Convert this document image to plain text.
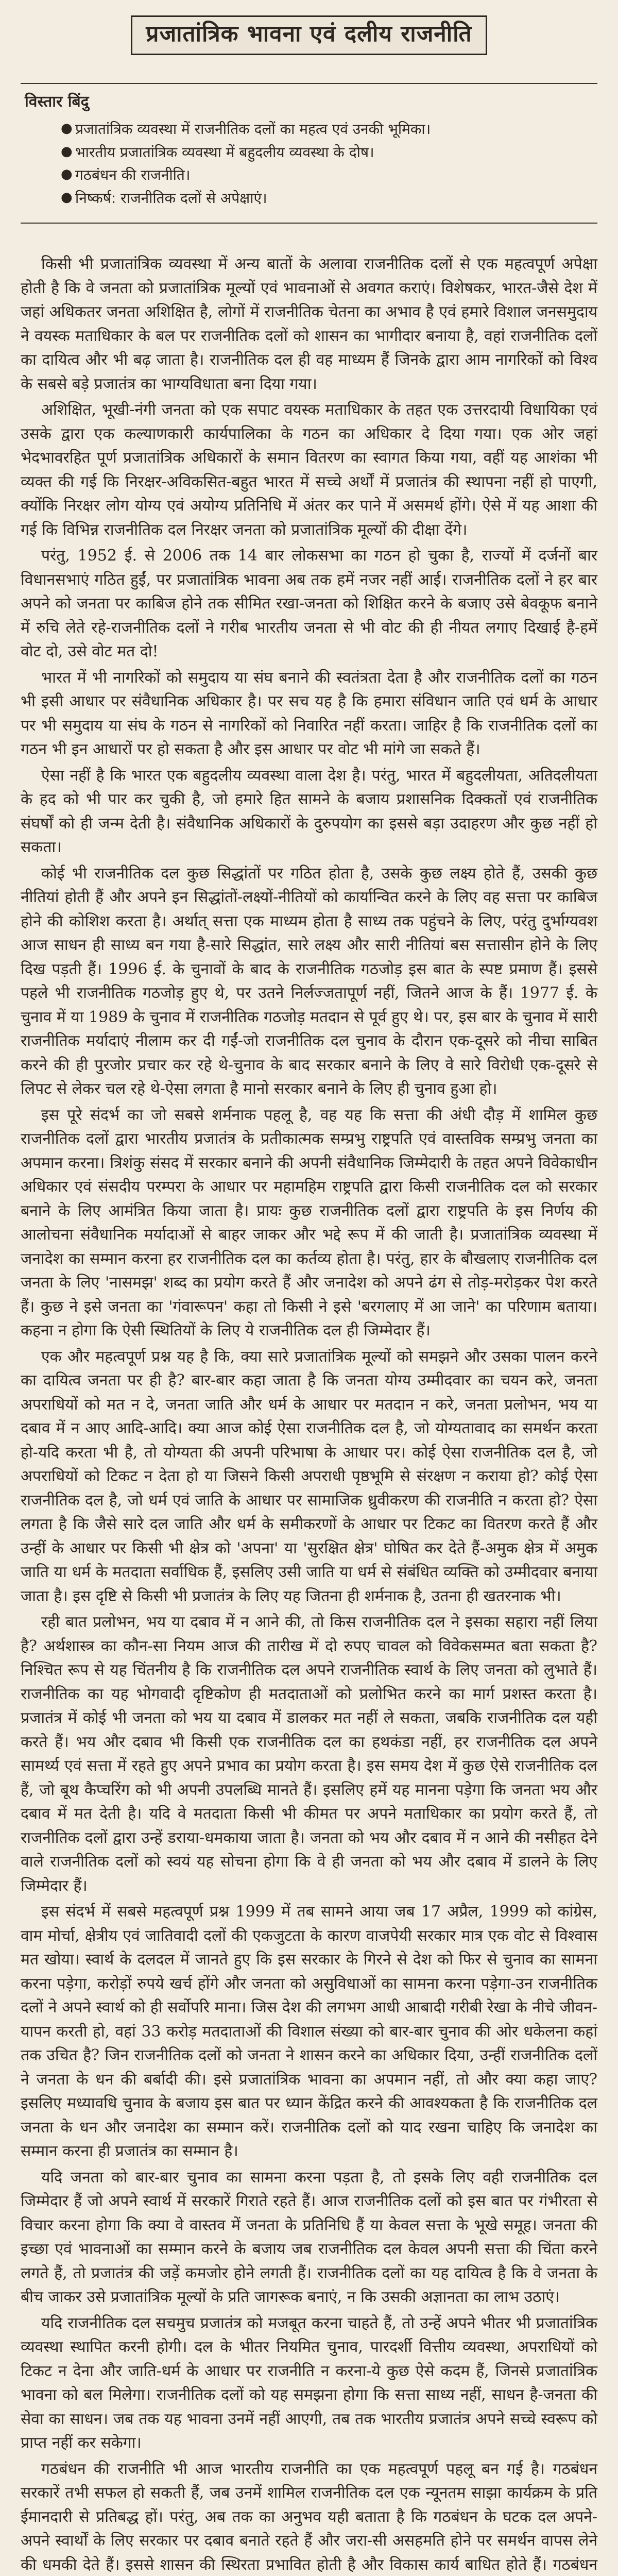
प्रजातांत्रिक भावना एवं दलीय राजनीति
विस्तार बिंदु
● प्रजातांत्रिक व्यवस्था में राजनीतिक दलों का महत्व एवं उनकी भूमिका।
● भारतीय प्रजातांत्रिक व्यवस्था में बहुदलीय व्यवस्था के दोष।
● गठबंधन की राजनीति।
● निष्कर्ष: राजनीतिक दलों से अपेक्षाएं।

किसी भी प्रजातांत्रिक व्यवस्था में अन्य बातों के अलावा राजनीतिक दलों से एक महत्वपूर्ण अपेक्षा होती है कि वे जनता को प्रजातांत्रिक मूल्यों एवं भावनाओं से अवगत कराएं। विशेषकर, भारत-जैसे देश में जहां अधिकतर जनता अशिक्षित है, लोगों में राजनीतिक चेतना का अभाव है एवं हमारे विशाल जनसमुदाय ने वयस्क मताधिकार के बल पर राजनीतिक दलों को शासन का भागीदार बनाया है, वहां राजनीतिक दलों का दायित्व और भी बढ़ जाता है। राजनीतिक दल ही वह माध्यम हैं जिनके द्वारा आम नागरिकों को विश्व के सबसे बड़े प्रजातंत्र का भाग्यविधाता बना दिया गया।

अशिक्षित, भूखी-नंगी जनता को एक सपाट वयस्क मताधिकार के तहत एक उत्तरदायी विधायिका एवं उसके द्वारा एक कल्याणकारी कार्यपालिका के गठन का अधिकार दे दिया गया। एक ओर जहां भेदभावरहित पूर्ण प्रजातांत्रिक अधिकारों के समान वितरण का स्वागत किया गया, वहीं यह आशंका भी व्यक्त की गई कि निरक्षर-अविकसित-बहुत भारत में सच्चे अर्थों में प्रजातंत्र की स्थापना नहीं हो पाएगी, क्योंकि निरक्षर लोग योग्य एवं अयोग्य प्रतिनिधि में अंतर कर पाने में असमर्थ होंगे। ऐसे में यह आशा की गई कि विभिन्न राजनीतिक दल निरक्षर जनता को प्रजातांत्रिक मूल्यों की दीक्षा देंगे।

परंतु, 1952 ई. से 2006 तक 14 बार लोकसभा का गठन हो चुका है, राज्यों में दर्जनों बार विधानसभाएं गठित हुईं, पर प्रजातांत्रिक भावना अब तक हमें नजर नहीं आई। राजनीतिक दलों ने हर बार अपने को जनता पर काबिज होने तक सीमित रखा-जनता को शिक्षित करने के बजाए उसे बेवकूफ बनाने में रुचि लेते रहे-राजनीतिक दलों ने गरीब भारतीय जनता से भी वोट की ही नीयत लगाए दिखाई है-हमें वोट दो, उसे वोट मत दो!

भारत में भी नागरिकों को समुदाय या संघ बनाने की स्वतंत्रता देता है और राजनीतिक दलों का गठन भी इसी आधार पर संवैधानिक अधिकार है। पर सच यह है कि हमारा संविधान जाति एवं धर्म के आधार पर भी समुदाय या संघ के गठन से नागरिकों को निवारित नहीं करता। जाहिर है कि राजनीतिक दलों का गठन भी इन आधारों पर हो सकता है और इस आधार पर वोट भी मांगे जा सकते हैं।

ऐसा नहीं है कि भारत एक बहुदलीय व्यवस्था वाला देश है। परंतु, भारत में बहुदलीयता, अतिदलीयता के हद को भी पार कर चुकी है, जो हमारे हित सामने के बजाय प्रशासनिक दिक्कतों एवं राजनीतिक संघर्षों को ही जन्म देती है। संवैधानिक अधिकारों के दुरुपयोग का इससे बड़ा उदाहरण और कुछ नहीं हो सकता।

कोई भी राजनीतिक दल कुछ सिद्धांतों पर गठित होता है, उसके कुछ लक्ष्य होते हैं, उसकी कुछ नीतियां होती हैं और अपने इन सिद्धांतों-लक्ष्यों-नीतियों को कार्यान्वित करने के लिए वह सत्ता पर काबिज होने की कोशिश करता है। अर्थात् सत्ता एक माध्यम होता है साध्य तक पहुंचने के लिए, परंतु दुर्भाग्यवश आज साधन ही साध्य बन गया है-सारे सिद्धांत, सारे लक्ष्य और सारी नीतियां बस सत्तासीन होने के लिए दिख पड़ती हैं। 1996 ई. के चुनावों के बाद के राजनीतिक गठजोड़ इस बात के स्पष्ट प्रमाण हैं। इससे पहले भी राजनीतिक गठजोड़ हुए थे, पर उतने निर्लज्जतापूर्ण नहीं, जितने आज के हैं। 1977 ई. के चुनाव में या 1989 के चुनाव में राजनीतिक गठजोड़ मतदान से पूर्व हुए थे। पर, इस बार के चुनाव में सारी राजनीतिक मर्यादाएं नीलाम कर दी गईं-जो राजनीतिक दल चुनाव के दौरान एक-दूसरे को नीचा साबित करने की ही पुरजोर प्रचार कर रहे थे-चुनाव के बाद सरकार बनाने के लिए वे सारे विरोधी एक-दूसरे से लिपट से लेकर चल रहे थे-ऐसा लगता है मानो सरकार बनाने के लिए ही चुनाव हुआ हो।

इस पूरे संदर्भ का जो सबसे शर्मनाक पहलू है, वह यह कि सत्ता की अंधी दौड़ में शामिल कुछ राजनीतिक दलों द्वारा भारतीय प्रजातंत्र के प्रतीकात्मक सम्प्रभु राष्ट्रपति एवं वास्तविक सम्प्रभु जनता का अपमान करना। त्रिशंकु संसद में सरकार बनाने की अपनी संवैधानिक जिम्मेदारी के तहत अपने विवेकाधीन अधिकार एवं संसदीय परम्परा के आधार पर महामहिम राष्ट्रपति द्वारा किसी राजनीतिक दल को सरकार बनाने के लिए आमंत्रित किया जाता है। प्रायः कुछ राजनीतिक दलों द्वारा राष्ट्रपति के इस निर्णय की आलोचना संवैधानिक मर्यादाओं से बाहर जाकर और भद्दे रूप में की जाती है। प्रजातांत्रिक व्यवस्था में जनादेश का सम्मान करना हर राजनीतिक दल का कर्तव्य होता है। परंतु, हार के बौखलाए राजनीतिक दल जनता के लिए 'नासमझ' शब्द का प्रयोग करते हैं और जनादेश को अपने ढंग से तोड़-मरोड़कर पेश करते हैं। कुछ ने इसे जनता का 'गंवारूपन' कहा तो किसी ने इसे 'बरगलाए में आ जाने' का परिणाम बताया। कहना न होगा कि ऐसी स्थितियों के लिए ये राजनीतिक दल ही जिम्मेदार हैं।

एक और महत्वपूर्ण प्रश्न यह है कि, क्या सारे प्रजातांत्रिक मूल्यों को समझने और उसका पालन करने का दायित्व जनता पर ही है? बार-बार कहा जाता है कि जनता योग्य उम्मीदवार का चयन करे, जनता अपराधियों को मत न दे, जनता जाति और धर्म के आधार पर मतदान न करे, जनता प्रलोभन, भय या दबाव में न आए आदि-आदि। क्या आज कोई ऐसा राजनीतिक दल है, जो योग्यतावाद का समर्थन करता हो-यदि करता भी है, तो योग्यता की अपनी परिभाषा के आधार पर। कोई ऐसा राजनीतिक दल है, जो अपराधियों को टिकट न देता हो या जिसने किसी अपराधी पृष्ठभूमि से संरक्षण न कराया हो? कोई ऐसा राजनीतिक दल है, जो धर्म एवं जाति के आधार पर सामाजिक ध्रुवीकरण की राजनीति न करता हो? ऐसा लगता है कि जैसे सारे दल जाति और धर्म के समीकरणों के आधार पर टिकट का वितरण करते हैं और उन्हीं के आधार पर किसी भी क्षेत्र को 'अपना' या 'सुरक्षित क्षेत्र' घोषित कर देते हैं-अमुक क्षेत्र में अमुक जाति या धर्म के मतदाता सर्वाधिक हैं, इसलिए उसी जाति या धर्म से संबंधित व्यक्ति को उम्मीदवार बनाया जाता है। इस दृष्टि से किसी भी प्रजातंत्र के लिए यह जितना ही शर्मनाक है, उतना ही खतरनाक भी।

रही बात प्रलोभन, भय या दबाव में न आने की, तो किस राजनीतिक दल ने इसका सहारा नहीं लिया है? अर्थशास्त्र का कौन-सा नियम आज की तारीख में दो रुपए चावल को विवेकसम्मत बता सकता है? निश्चित रूप से यह चिंतनीय है कि राजनीतिक दल अपने राजनीतिक स्वार्थ के लिए जनता को लुभाते हैं। राजनीतिक का यह भोगवादी दृष्टिकोण ही मतदाताओं को प्रलोभित करने का मार्ग प्रशस्त करता है। प्रजातंत्र में कोई भी जनता को भय या दबाव में डालकर मत नहीं ले सकता, जबकि राजनीतिक दल यही करते हैं। भय और दबाव भी किसी एक राजनीतिक दल का हथकंडा नहीं, हर राजनीतिक दल अपने सामर्थ्य एवं सत्ता में रहते हुए अपने प्रभाव का प्रयोग करता है। इस समय देश में कुछ ऐसे राजनीतिक दल हैं, जो बूथ कैप्चरिंग को भी अपनी उपलब्धि मानते हैं। इसलिए हमें यह मानना पड़ेगा कि जनता भय और दबाव में मत देती है। यदि वे मतदाता किसी भी कीमत पर अपने मताधिकार का प्रयोग करते हैं, तो राजनीतिक दलों द्वारा उन्हें डराया-धमकाया जाता है। जनता को भय और दबाव में न आने की नसीहत देने वाले राजनीतिक दलों को स्वयं यह सोचना होगा कि वे ही जनता को भय और दबाव में डालने के लिए जिम्मेदार हैं।

इस संदर्भ में सबसे महत्वपूर्ण प्रश्न 1999 में तब सामने आया जब 17 अप्रैल, 1999 को कांग्रेस, वाम मोर्चा, क्षेत्रीय एवं जातिवादी दलों की एकजुटता के कारण वाजपेयी सरकार मात्र एक वोट से विश्वास मत खोया। स्वार्थ के दलदल में जानते हुए कि इस सरकार के गिरने से देश को फिर से चुनाव का सामना करना पड़ेगा, करोड़ों रुपये खर्च होंगे और जनता को असुविधाओं का सामना करना पड़ेगा-उन राजनीतिक दलों ने अपने स्वार्थ को ही सर्वोपरि माना। जिस देश की लगभग आधी आबादी गरीबी रेखा के नीचे जीवन-यापन करती हो, वहां 33 करोड़ मतदाताओं की विशाल संख्या को बार-बार चुनाव की ओर धकेलना कहां तक उचित है? जिन राजनीतिक दलों को जनता ने शासन करने का अधिकार दिया, उन्हीं राजनीतिक दलों ने जनता के धन की बर्बादी की। इसे प्रजातांत्रिक भावना का अपमान नहीं, तो और क्या कहा जाए? इसलिए मध्यावधि चुनाव के बजाय इस बात पर ध्यान केंद्रित करने की आवश्यकता है कि राजनीतिक दल जनता के धन और जनादेश का सम्मान करें। राजनीतिक दलों को याद रखना चाहिए कि जनादेश का सम्मान करना ही प्रजातंत्र का सम्मान है।

यदि जनता को बार-बार चुनाव का सामना करना पड़ता है, तो इसके लिए वही राजनीतिक दल जिम्मेदार हैं जो अपने स्वार्थ में सरकारें गिराते रहते हैं। आज राजनीतिक दलों को इस बात पर गंभीरता से विचार करना होगा कि क्या वे वास्तव में जनता के प्रतिनिधि हैं या केवल सत्ता के भूखे समूह। जनता की इच्छा एवं भावनाओं का सम्मान करने के बजाय जब राजनीतिक दल केवल अपनी सत्ता की चिंता करने लगते हैं, तो प्रजातंत्र की जड़ें कमजोर होने लगती हैं। राजनीतिक दलों का यह दायित्व है कि वे जनता के बीच जाकर उसे प्रजातांत्रिक मूल्यों के प्रति जागरूक बनाएं, न कि उसकी अज्ञानता का लाभ उठाएं।

यदि राजनीतिक दल सचमुच प्रजातंत्र को मजबूत करना चाहते हैं, तो उन्हें अपने भीतर भी प्रजातांत्रिक व्यवस्था स्थापित करनी होगी। दल के भीतर नियमित चुनाव, पारदर्शी वित्तीय व्यवस्था, अपराधियों को टिकट न देना और जाति-धर्म के आधार पर राजनीति न करना-ये कुछ ऐसे कदम हैं, जिनसे प्रजातांत्रिक भावना को बल मिलेगा। राजनीतिक दलों को यह समझना होगा कि सत्ता साध्य नहीं, साधन है-जनता की सेवा का साधन। जब तक यह भावना उनमें नहीं आएगी, तब तक भारतीय प्रजातंत्र अपने सच्चे स्वरूप को प्राप्त नहीं कर सकेगा।

गठबंधन की राजनीति भी आज भारतीय राजनीति का एक महत्वपूर्ण पहलू बन गई है। गठबंधन सरकारें तभी सफल हो सकती हैं, जब उनमें शामिल राजनीतिक दल एक न्यूनतम साझा कार्यक्रम के प्रति ईमानदारी से प्रतिबद्ध हों। परंतु, अब तक का अनुभव यही बताता है कि गठबंधन के घटक दल अपने-अपने स्वार्थों के लिए सरकार पर दबाव बनाते रहते हैं और जरा-सी असहमति होने पर समर्थन वापस लेने की धमकी देते हैं। इससे शासन की स्थिरता प्रभावित होती है और विकास कार्य बाधित होते हैं। गठबंधन
